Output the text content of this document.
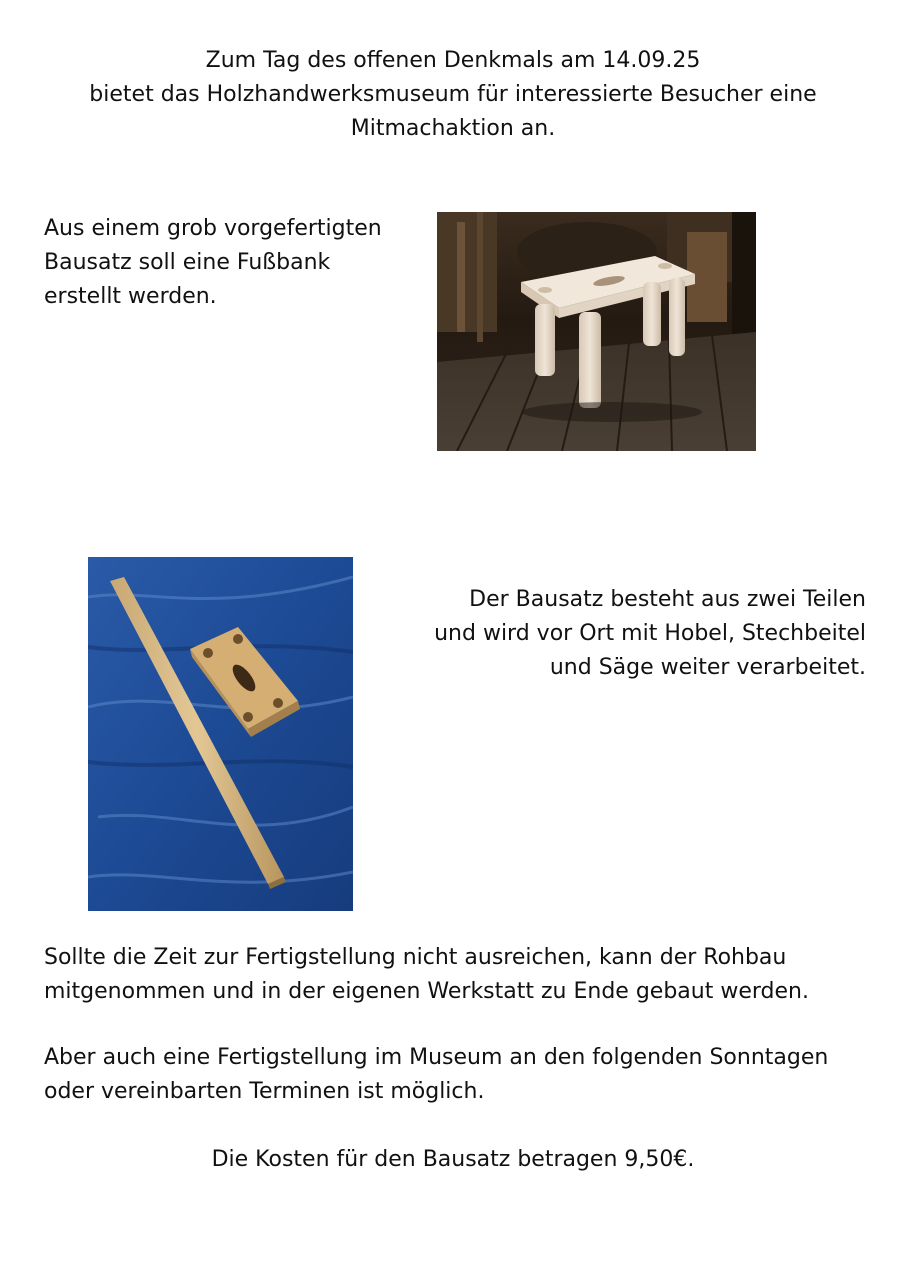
Zum Tag des offenen Denkmals am 14.09.25
bietet das Holzhandwerksmuseum für interessierte Besucher eine
Mitmachaktion an.
Aus einem grob vorgefertigten
Bausatz soll eine Fußbank
erstellt werden.
Der Bausatz besteht aus zwei Teilen
und wird vor Ort mit Hobel, Stechbeitel
und Säge weiter verarbeitet.
Sollte die Zeit zur Fertigstellung nicht ausreichen, kann der Rohbau
mitgenommen und in der eigenen Werkstatt zu Ende gebaut werden.
Aber auch eine Fertigstellung im Museum an den folgenden Sonntagen
oder vereinbarten Terminen ist möglich.
Die Kosten für den Bausatz betragen 9,50€.
